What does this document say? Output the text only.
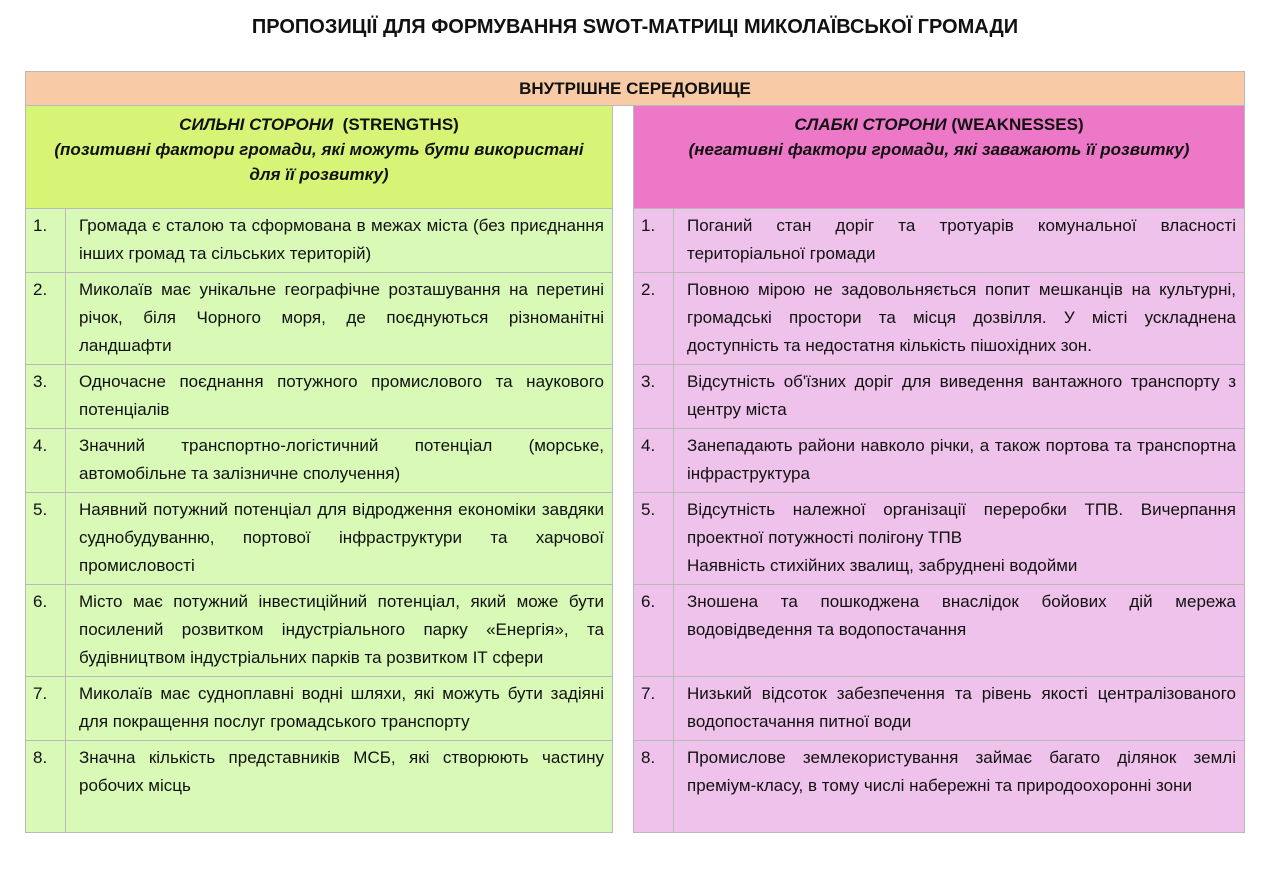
ПРОПОЗИЦІЇ ДЛЯ ФОРМУВАННЯ SWOT-МАТРИЦІ МИКОЛАЇВСЬКОЇ ГРОМАДИ
ВНУТРІШНЕ СЕРЕДОВИЩЕ
СИЛЬНІ СТОРОНИ (STRENGTHS)
(позитивні фактори громади, які можуть бути використані для її розвитку)
1.	Громада є сталою та сформована в межах міста (без приєднання інших громад та сільських територій)
2.	Миколаїв має унікальне географічне розташування на перетині річок, біля Чорного моря, де поєднуються різноманітні ландшафти
3.	Одночасне поєднання потужного промислового та наукового потенціалів
4.	Значний транспортно-логістичний потенціал (морське, автомобільне та залізничне сполучення)
5.	Наявний потужний потенціал для відродження економіки завдяки суднобудуванню, портової інфраструктури та харчової промисловості
6.	Місто має потужний інвестиційний потенціал, який може бути посилений розвитком індустріального парку «Енергія», та будівництвом індустріальних парків та розвитком ІТ сфери
7.	Миколаїв має судноплавні водні шляхи, які можуть бути задіяні для покращення послуг громадського транспорту
8.	Значна кількість представників МСБ, які створюють частину робочих місць
СЛАБКІ СТОРОНИ (WEAKNESSES)
(негативні фактори громади, які заважають її розвитку)
1.	Поганий стан доріг та тротуарів комунальної власності територіальної громади
2.	Повною мірою не задовольняється попит мешканців на культурні, громадські простори та місця дозвілля. У місті ускладнена доступність та недостатня кількість пішохідних зон.
3.	Відсутність об'їзних доріг для виведення вантажного транспорту з центру міста
4.	Занепадають райони навколо річки, а також портова та транспортна інфраструктура
5.	Відсутність належної організації переробки ТПВ. Вичерпання проектної потужності полігону ТПВ
Наявність стихійних звалищ, забруднені водойми
6.	Зношена та пошкоджена внаслідок бойових дій мережа водовідведення та водопостачання
7.	Низький відсоток забезпечення та рівень якості централізованого водопостачання питної води
8.	Промислове землекористування займає багато ділянок землі преміум-класу, в тому числі набережні та природоохоронні зони
